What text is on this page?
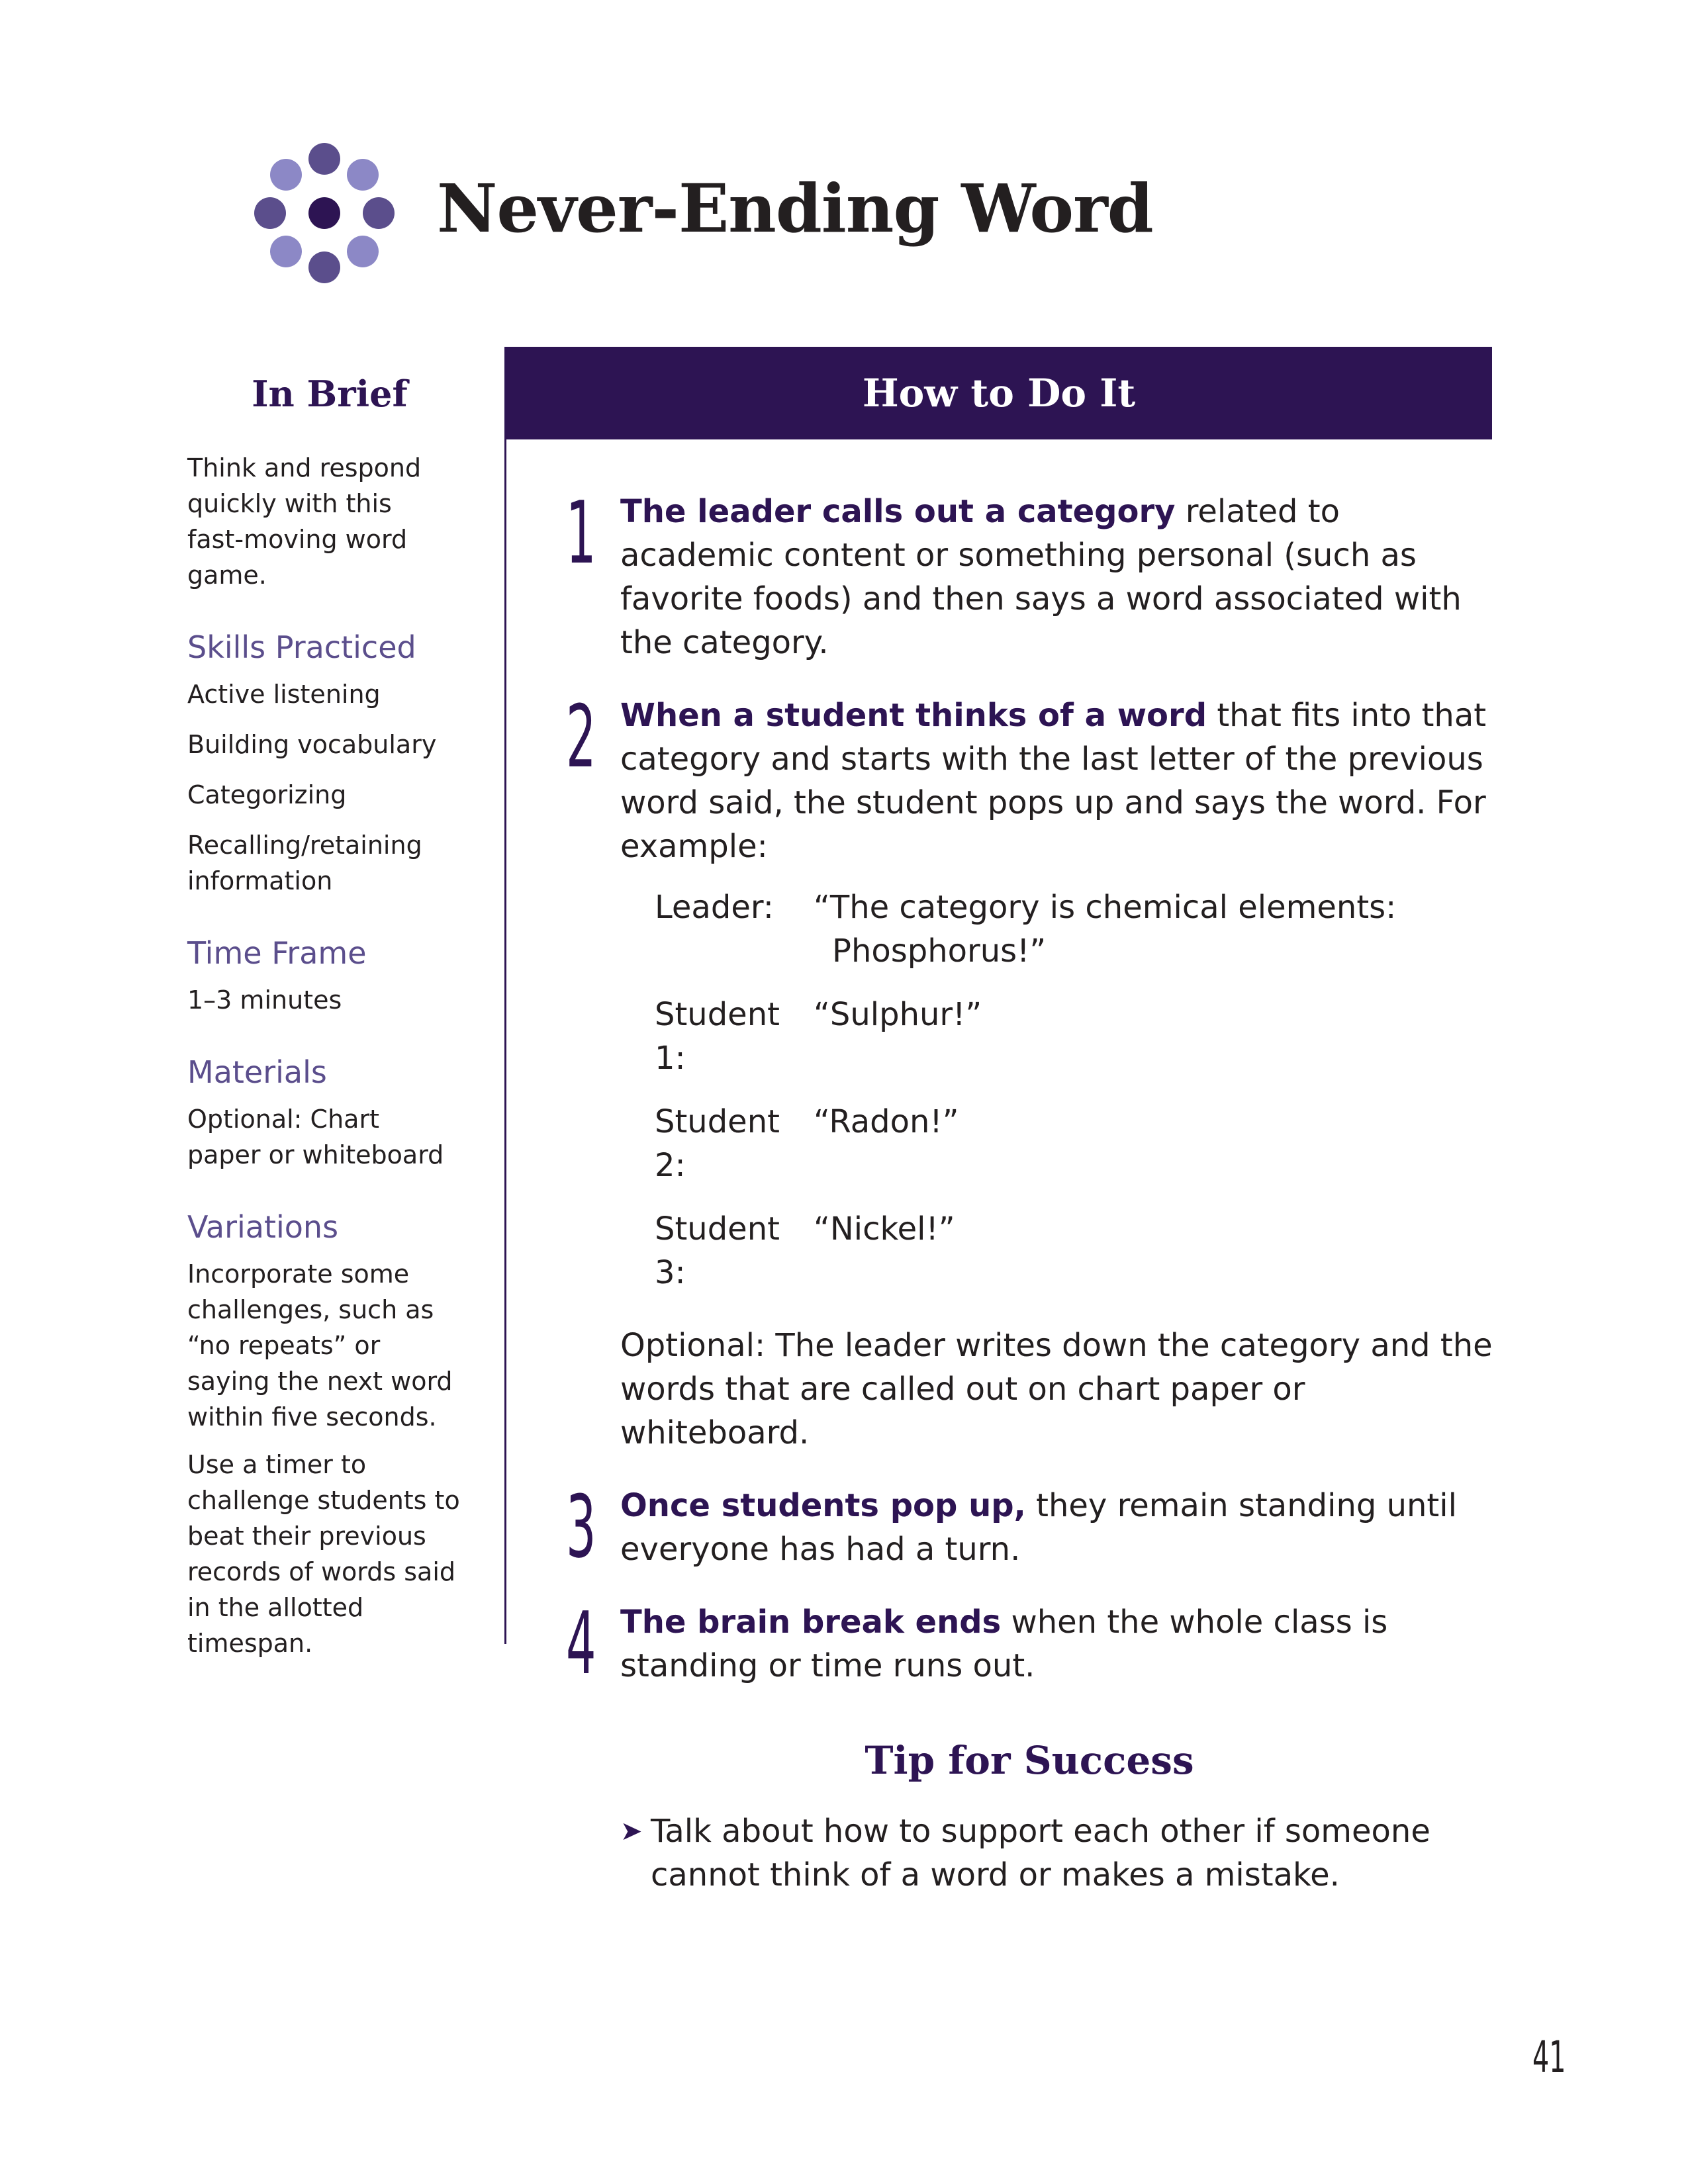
Never-Ending Word
In Brief

Think and respond quickly with this fast-moving word game.

Skills Practiced

Active listening

Building vocabulary

Categorizing

Recalling/retaining information

Time Frame

1–3 minutes

Materials

Optional: Chart paper or whiteboard

Variations

Incorporate some challenges, such as “no repeats” or saying the next word within five seconds.

Use a timer to challenge students to beat their previous records of words said in the allotted timespan.

How to Do It
1 The leader calls out a category related to academic content or something personal (such as favorite foods) and then says a word associated with the category.

2 When a student thinks of a word that fits into that category and starts with the last letter of the previous word said, the student pops up and says the word. For example:

Leader:	“The category is chemical elements:
Phosphorus!”
Student 1:
“Sulphur!”
Student 2:
“Radon!”
Student 3:
“Nickel!”

Optional: The leader writes down the category and the words that are called out on chart paper or whiteboard.

3 Once students pop up, they remain standing until everyone has had a turn.

4 The brain break ends when the whole class is standing or time runs out.

Tip for Success

➤ Talk about how to support each other if someone cannot think of a word or makes a mistake.

41
